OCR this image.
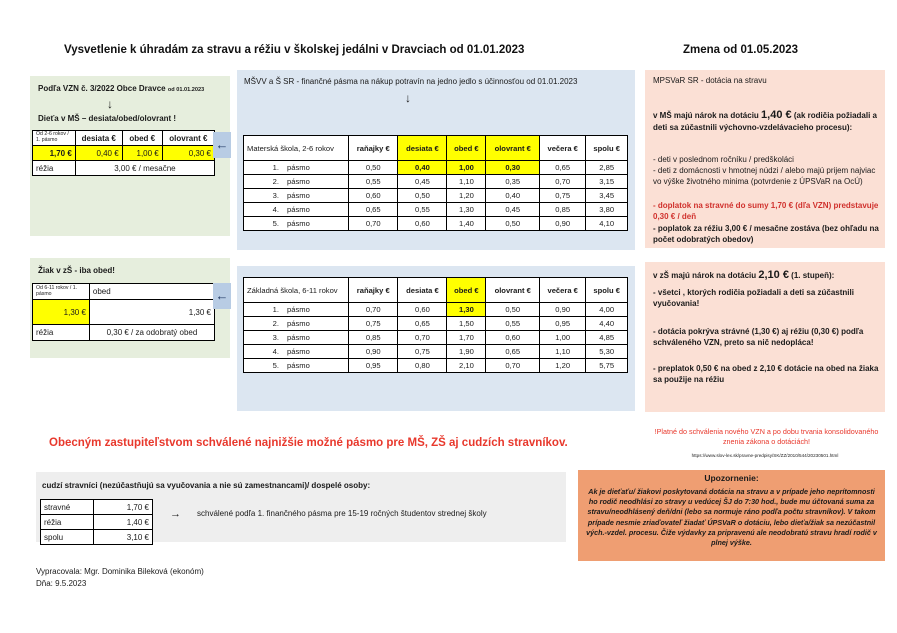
Vysvetlenie k úhradám za stravu a réžiu v školskej jedálni v Dravciach od 01.01.2023	Zmena od 01.05.2023
Podľa VZN č. 3/2022 Obce Dravce od 01.01.2023
↓
Dieťa v MŠ – desiata/obed/olovrant !
Od 2-6 rokov / 1. pásmo	desiata €	obed €	olovrant €
1,70 €	0,40 €	1,00 €	0,30 €
réžia	3,00 € / mesačne		
Žiak v zŠ - iba obed!
Od 6-11 rokov / 1. pásmo	obed
1,30 €	1,30 €
réžia	0,30 € / za odobratý obed
←
←
MŠVV a Š SR - finančné pásma na nákup potravín na jedno jedlo s účinnosťou od 01.01.2023
↓
Materská škola, 2-6 rokov	raňajky €	desiata €	obed €	olovrant €	večera €	spolu €
1. pásmo	0,50	0,40	1,00	0,30	0,65	2,85
2. pásmo	0,55	0,45	1,10	0,35	0,70	3,15
3. pásmo	0,60	0,50	1,20	0,40	0,75	3,45
4. pásmo	0,65	0,55	1,30	0,45	0,85	3,80
5. pásmo	0,70	0,60	1,40	0,50	0,90	4,10
Základná škola, 6-11 rokov	raňajky €	desiata €	obed €	olovrant €	večera €	spolu €
1. pásmo	0,70	0,60	1,30	0,50	0,90	4,00
2. pásmo	0,75	0,65	1,50	0,55	0,95	4,40
3. pásmo	0,85	0,70	1,70	0,60	1,00	4,85
4. pásmo	0,90	0,75	1,90	0,65	1,10	5,30
5. pásmo	0,95	0,80	2,10	0,70	1,20	5,75
MPSVaR SR - dotácia na stravu
v MŠ majú nárok na dotáciu 1,40 € (ak rodičia požiadali a deti sa zúčastnili výchovno-vzdelávacieho procesu):
- deti v poslednom ročníku / predškoláci
- deti z domácnosti v hmotnej núdzi / alebo majú prijem najviac vo výške životného minima (potvrdenie z ÚPSVaR na OcÚ)
- doplatok na stravné do sumy 1,70 € (dľa VZN) predstavuje 0,30 € / deň
- poplatok za réžiu 3,00 € / mesačne zostáva (bez ohľadu na počet odobratých obedov)
v zŠ majú nárok na dotáciu 2,10 € (1. stupeň):
- všetci , ktorých rodičia požiadali a deti sa zúčastnili vyučovania!
- dotácia pokrýva strávné (1,30 €) aj réžiu (0,30 €) podľa schváleného VZN, preto sa nič nedopláca!
- preplatok 0,50 € na obed z 2,10 € dotácie na obed na žiaka sa použije na réžiu
Obecným zastupiteľstvom schválené najnižšie možné pásmo pre MŠ, ZŠ aj cudzích stravníkov.
cudzí stravníci (nezúčastňujú sa vyučovania a nie sú zamestnancami)/ dospelé osoby:
stravné	1,70 €
réžia	1,40 €
spolu	3,10 €
→ schválené podľa 1. finančného pásma pre 15-19 ročných študentov strednej školy
!Platné do schválenia nového VZN a po dobu trvania konsolidovaného znenia zákona o dotáciách!
https://www.slov-lex.sk/pravne-predpisy/SK/ZZ/2010/544/20230501.html
Upozornenie:
Ak je dieťaťu/ žiakovi poskytovaná dotácia na stravu a v prípade jeho neprítomnosti ho rodič neodhlási zo stravy u vedúcej ŠJ do 7:30 hod., bude mu účtovaná suma za stravu/neodhlásený deň/dni (lebo sa normuje ráno podľa počtu stravníkov). V takom prípade nesmie zriaďovateľ žiadať ÚPSVaR o dotáciu, lebo dieťa/žiak sa nezúčastnil vých.-vzdel. procesu. Čiže výdavky za pripravenú ale neodobratú stravu hradí rodič v plnej výške.
Vypracovala: Mgr. Dominika Bileková (ekonóm)
Dňa: 9.5.2023
